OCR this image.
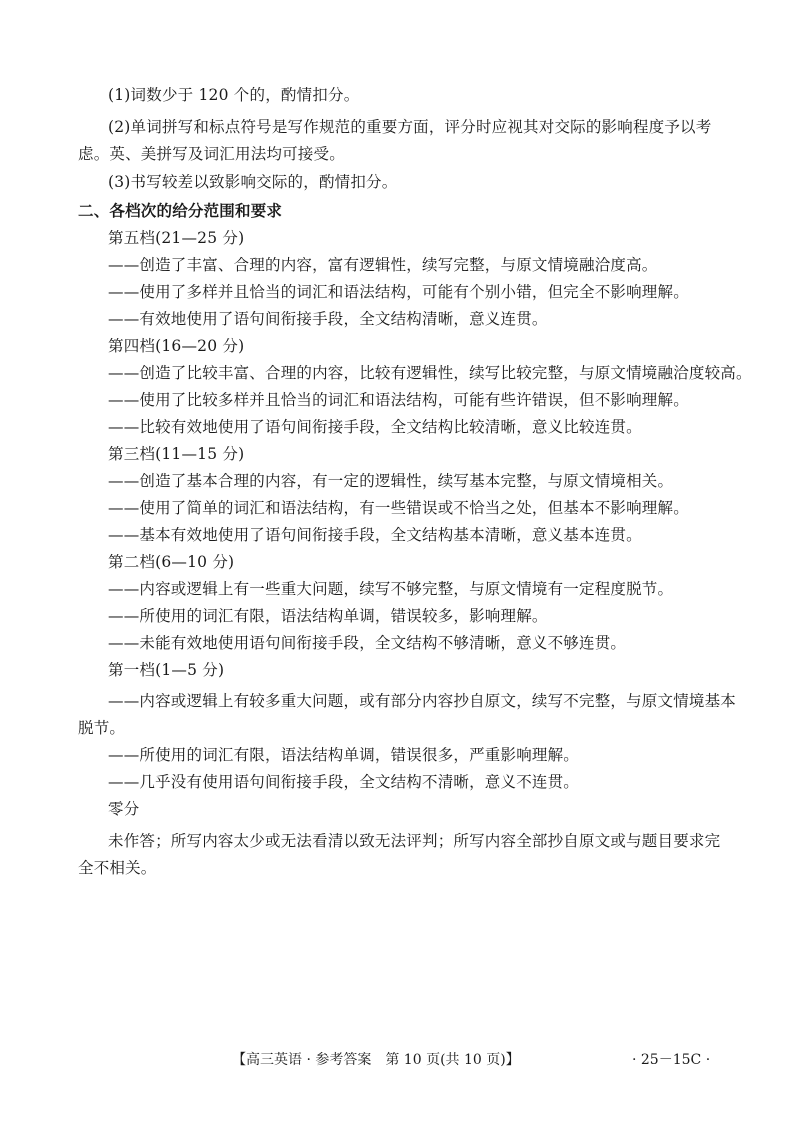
(1)词数少于 120 个的，酌情扣分。
(2)单词拼写和标点符号是写作规范的重要方面，评分时应视其对交际的影响程度予以考
虑。英、美拼写及词汇用法均可接受。
(3)书写较差以致影响交际的，酌情扣分。
二、各档次的给分范围和要求
第五档(21—25 分)
——创造了丰富、合理的内容，富有逻辑性，续写完整，与原文情境融洽度高。
——使用了多样并且恰当的词汇和语法结构，可能有个别小错，但完全不影响理解。
——有效地使用了语句间衔接手段，全文结构清晰，意义连贯。
第四档(16—20 分)
——创造了比较丰富、合理的内容，比较有逻辑性，续写比较完整，与原文情境融洽度较高。
——使用了比较多样并且恰当的词汇和语法结构，可能有些许错误，但不影响理解。
——比较有效地使用了语句间衔接手段，全文结构比较清晰，意义比较连贯。
第三档(11—15 分)
——创造了基本合理的内容，有一定的逻辑性，续写基本完整，与原文情境相关。
——使用了简单的词汇和语法结构，有一些错误或不恰当之处，但基本不影响理解。
——基本有效地使用了语句间衔接手段，全文结构基本清晰，意义基本连贯。
第二档(6—10 分)
——内容或逻辑上有一些重大问题，续写不够完整，与原文情境有一定程度脱节。
——所使用的词汇有限，语法结构单调，错误较多，影响理解。
——未能有效地使用语句间衔接手段，全文结构不够清晰，意义不够连贯。
第一档(1—5 分)
——内容或逻辑上有较多重大问题，或有部分内容抄自原文，续写不完整，与原文情境基本
脱节。
——所使用的词汇有限，语法结构单调，错误很多，严重影响理解。
——几乎没有使用语句间衔接手段，全文结构不清晰，意义不连贯。
零分
未作答；所写内容太少或无法看清以致无法评判；所写内容全部抄自原文或与题目要求完
全不相关。
【高三英语 · 参考答案　第 10 页(共 10 页)】	· 25－15C ·
